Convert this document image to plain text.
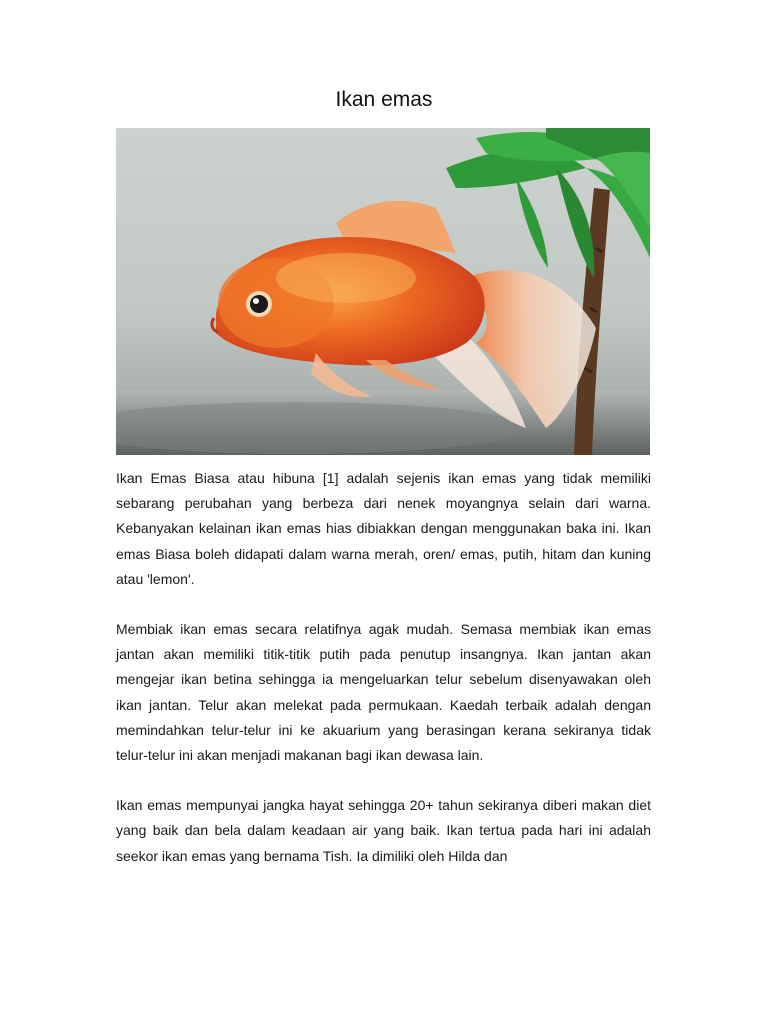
Ikan emas

Ikan Emas Biasa atau hibuna [1] adalah sejenis ikan emas yang tidak memiliki sebarang perubahan yang berbeza dari nenek moyangnya selain dari warna. Kebanyakan kelainan ikan emas hias dibiakkan dengan menggunakan baka ini. Ikan emas Biasa boleh didapati dalam warna merah, oren/ emas, putih, hitam dan kuning atau 'lemon'.

Membiak ikan emas secara relatifnya agak mudah. Semasa membiak ikan emas jantan akan memiliki titik-titik putih pada penutup insangnya. Ikan jantan akan mengejar ikan betina sehingga ia mengeluarkan telur sebelum disenyawakan oleh ikan jantan. Telur akan melekat pada permukaan. Kaedah terbaik adalah dengan memindahkan telur-telur ini ke akuarium yang berasingan kerana sekiranya tidak telur-telur ini akan menjadi makanan bagi ikan dewasa lain.

Ikan emas mempunyai jangka hayat sehingga 20+ tahun sekiranya diberi makan diet yang baik dan bela dalam keadaan air yang baik. Ikan tertua pada hari ini adalah seekor ikan emas yang bernama Tish. Ia dimiliki oleh Hilda dan
